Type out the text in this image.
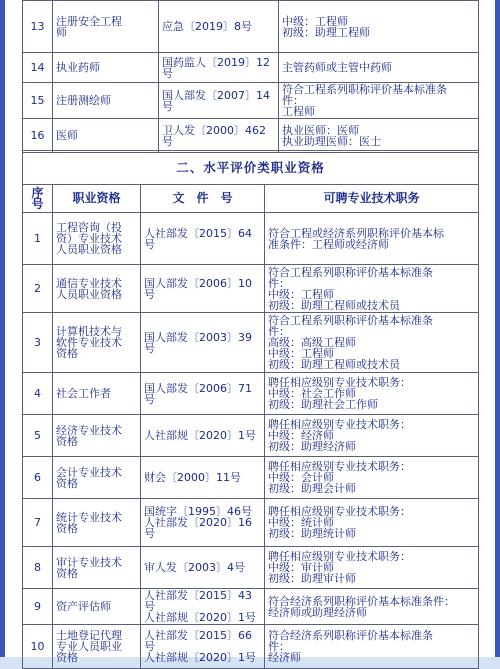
13	注册安全工程
师	应急〔2019〕8号	中级：工程师
初级：助理工程师

14	执业药师	国药监人〔2019〕12
号	主管药师或主管中药师

15	注册测绘师	国人部发〔2007〕14
号	符合工程系列职称评价基本标准条
件：
工程师

16	医师	卫人发〔2000〕462号	执业医师：医师
执业助理医师：医士
二、水平评价类职业资格			

序
号	职业资格	文　件　号	可聘专业技术职务
1	工程咨询（投
资）专业技术
人员职业资格	人社部发〔2015〕64
号	符合工程或经济系列职称评价基本标
准条件：工程师或经济师

2	通信专业技术
人员职业资格	国人部发〔2006〕10
号	符合工程系列职称评价基本标准条
件：
中级：工程师
初级：助理工程师或技术员

3	计算机技术与
软件专业技术
资格	国人部发〔2003〕39
号	符合工程系列职称评价基本标准条
件：
高级：高级工程师
中级：工程师
初级：助理工程师或技术员

4	社会工作者	国人部发〔2006〕71
号	聘任相应级别专业技术职务：
中级：社会工作师
初级：助理社会工作师

5	经济专业技术
资格	人社部规〔2020〕1号	聘任相应级别专业技术职务：
中级：经济师
初级：助理经济师

6	会计专业技术
资格	财会〔2000〕11号	聘任相应级别专业技术职务：
中级：会计师
初级：助理会计师

7	统计专业技术
资格	国统字〔1995〕46号
人社部发〔2020〕16
号	聘任相应级别专业技术职务：
中级：统计师
初级：助理统计师

8	审计专业技术
资格	审人发〔2003〕4号	聘任相应级别专业技术职务：
中级：审计师
初级：助理审计师

9	资产评估师	人社部发〔2015〕43
号
人社部规〔2020〕1号	符合经济系列职称评价基本标准条件：
经济师或助理经济师

10	土地登记代理
专业人员职业
资格	人社部发〔2015〕66
号
人社部规〔2020〕1号	符合经济系列职称评价基本标准条
件：
经济师
